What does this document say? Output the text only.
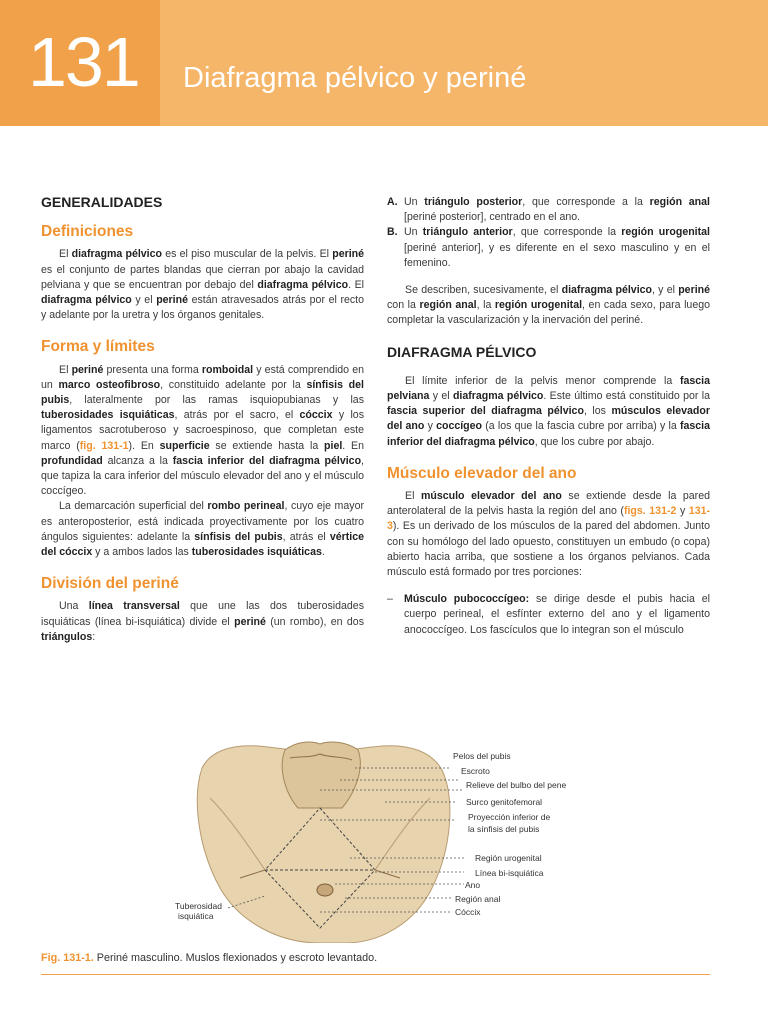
131 Diafragma pélvico y periné
GENERALIDADES
Definiciones

El diafragma pélvico es el piso muscular de la pelvis. El periné es el conjunto de partes blandas que cierran por abajo la cavidad pelviana y que se encuentran por debajo del diafragma pélvico. El diafragma pélvico y el periné están atravesados atrás por el recto y adelante por la uretra y los órganos genitales.

Forma y límites

El periné presenta una forma romboidal y está comprendido en un marco osteofibroso, constituido adelante por la sínfisis del pubis, lateralmente por las ramas isquiopubianas y las tuberosidades isquiáticas, atrás por el sacro, el cóccix y los ligamentos sacrotuberoso y sacroespinoso, que completan este marco (fig. 131-1). En superficie se extiende hasta la piel. En profundidad alcanza a la fascia inferior del diafragma pélvico, que tapiza la cara inferior del músculo elevador del ano y el músculo coccígeo.

La demarcación superficial del rombo perineal, cuyo eje mayor es anteroposterior, está indicada proyectivamente por los cuatro ángulos siguientes: adelante la sínfisis del pubis, atrás el vértice del cóccix y a ambos lados las tuberosidades isquiáticas.

División del periné

Una línea transversal que une las dos tuberosidades isquiáticas (línea bi-isquiática) divide el periné (un rombo), en dos triángulos:

A. Un triángulo posterior, que corresponde a la región anal [periné posterior], centrado en el ano.
B. Un triángulo anterior, que corresponde la región urogenital [periné anterior], y es diferente en el sexo masculino y en el femenino.

Se describen, sucesivamente, el diafragma pélvico, y el periné con la región anal, la región urogenital, en cada sexo, para luego completar la vascularización y la inervación del periné.

DIAFRAGMA PÉLVICO

El límite inferior de la pelvis menor comprende la fascia pelviana y el diafragma pélvico. Este último está constituido por la fascia superior del diafragma pélvico, los músculos elevador del ano y coccígeo (a los que la fascia cubre por arriba) y la fascia inferior del diafragma pélvico, que los cubre por abajo.

Músculo elevador del ano

El músculo elevador del ano se extiende desde la pared anterolateral de la pelvis hasta la región del ano (figs. 131-2 y 131-3). Es un derivado de los músculos de la pared del abdomen. Junto con su homólogo del lado opuesto, constituyen un embudo (o copa) abierto hacia arriba, que sostiene a los órganos pelvianos. Cada músculo está formado por tres porciones:

– Músculo pubococcígeo: se dirige desde el pubis hacia el cuerpo perineal, el esfínter externo del ano y el ligamento anococcígeo. Los fascículos que lo integran son el músculo
Pelos del pubis
Escroto
Relieve del bulbo del pene
Surco genitofemoral
Proyección inferior de
la sínfisis del pubis
Región urogenital
Línea bi-isquiática
Ano
Región anal
Cóccix
Tuberosidad
isquiática
Fig. 131-1. Periné masculino. Muslos flexionados y escroto levantado.
